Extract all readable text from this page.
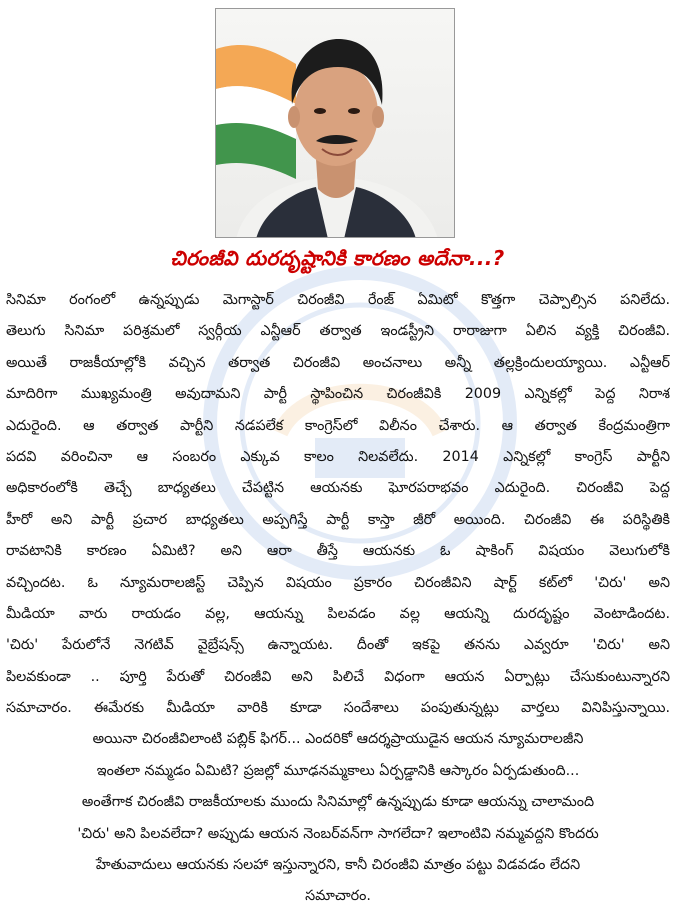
చిరంజీవి దురదృష్టానికి కారణం అదేనా...?
సినిమా రంగంలో ఉన్నప్పుడు మెగాస్టార్ చిరంజీవి రేంజ్ ఏమిటో కొత్తగా చెప్పాల్సిన పనిలేదు.
తెలుగు సినిమా పరిశ్రమలో స్వర్గీయ ఎన్టీఆర్ తర్వాత ఇండస్ట్రీని రారాజుగా ఏలిన వ్యక్తి చిరంజీవి.
అయితే రాజకీయాల్లోకి వచ్చిన తర్వాత చిరంజీవి అంచనాలు అన్నీ తల్లక్రిందులయ్యాయి. ఎన్టీఆర్
మాదిరిగా ముఖ్యమంత్రి అవుదామని పార్టీ స్థాపించిన చిరంజీవికి 2009 ఎన్నికల్లో పెద్ద నిరాశ
ఎదురైంది. ఆ తర్వాత పార్టీని నడపలేక కాంగ్రెస్‌లో విలీనం చేశారు. ఆ తర్వాత కేంద్రమంత్రిగా
పదవి వరించినా ఆ సంబరం ఎక్కువ కాలం నిలవలేదు. 2014 ఎన్నికల్లో కాంగ్రెస్ పార్టీని
అధికారంలోకి తెచ్చే బాధ్యతలు చేపట్టిన ఆయనకు ఘోరపరాభవం ఎదురైంది. చిరంజీవి పెద్ద
హీరో అని పార్టీ ప్రచార బాధ్యతలు అప్పగిస్తే పార్టీ కాస్తా జీరో అయింది. చిరంజీవి ఈ పరిస్థితికి
రావటానికి కారణం ఏమిటి? అని ఆరా తీస్తే ఆయనకు ఓ షాకింగ్ విషయం వెలుగులోకి
వచ్చిందట. ఓ న్యూమరాలజిస్ట్ చెప్పిన విషయం ప్రకారం చిరంజీవిని షార్ట్ కట్‌లో 'చిరు' అని
మీడియా వారు రాయడం వల్ల, ఆయన్ను పిలవడం వల్ల ఆయన్ని దురదృష్టం వెంటాడిందట.
'చిరు' పేరులోనే నెగటివ్ వైబ్రేషన్స్ ఉన్నాయట. దీంతో ఇకపై తనను ఎవ్వరూ 'చిరు' అని
పిలవకుండా .. పూర్తి పేరుతో చిరంజీవి అని పిలిచే విధంగా ఆయన ఏర్పాట్లు చేసుకుంటున్నారని
సమాచారం. ఈమేరకు మీడియా వారికి కూడా సందేశాలు పంపుతున్నట్లు వార్తలు వినిపిస్తున్నాయి.
అయినా చిరంజీవిలాంటి పబ్లిక్ ఫిగర్... ఎందరికో ఆదర్శప్రాయుడైన ఆయన న్యూమరాలజీని
ఇంతలా నమ్మడం ఏమిటి? ప్రజల్లో మూఢనమ్మకాలు ఏర్పడ్డానికి ఆస్కారం ఏర్పడుతుంది...
అంతేగాక చిరంజీవి రాజకీయాలకు ముందు సినిమాల్లో ఉన్నప్పుడు కూడా ఆయన్ను చాలామంది
'చిరు' అని పిలవలేదా? అప్పుడు ఆయన నెంబర్‌వన్‌గా సాగలేదా? ఇలాంటివి నమ్మవద్దని కొందరు
హేతువాదులు ఆయనకు సలహా ఇస్తున్నారని, కానీ చిరంజీవి మాత్రం పట్టు విడవడం లేదని
సమాచారం.
